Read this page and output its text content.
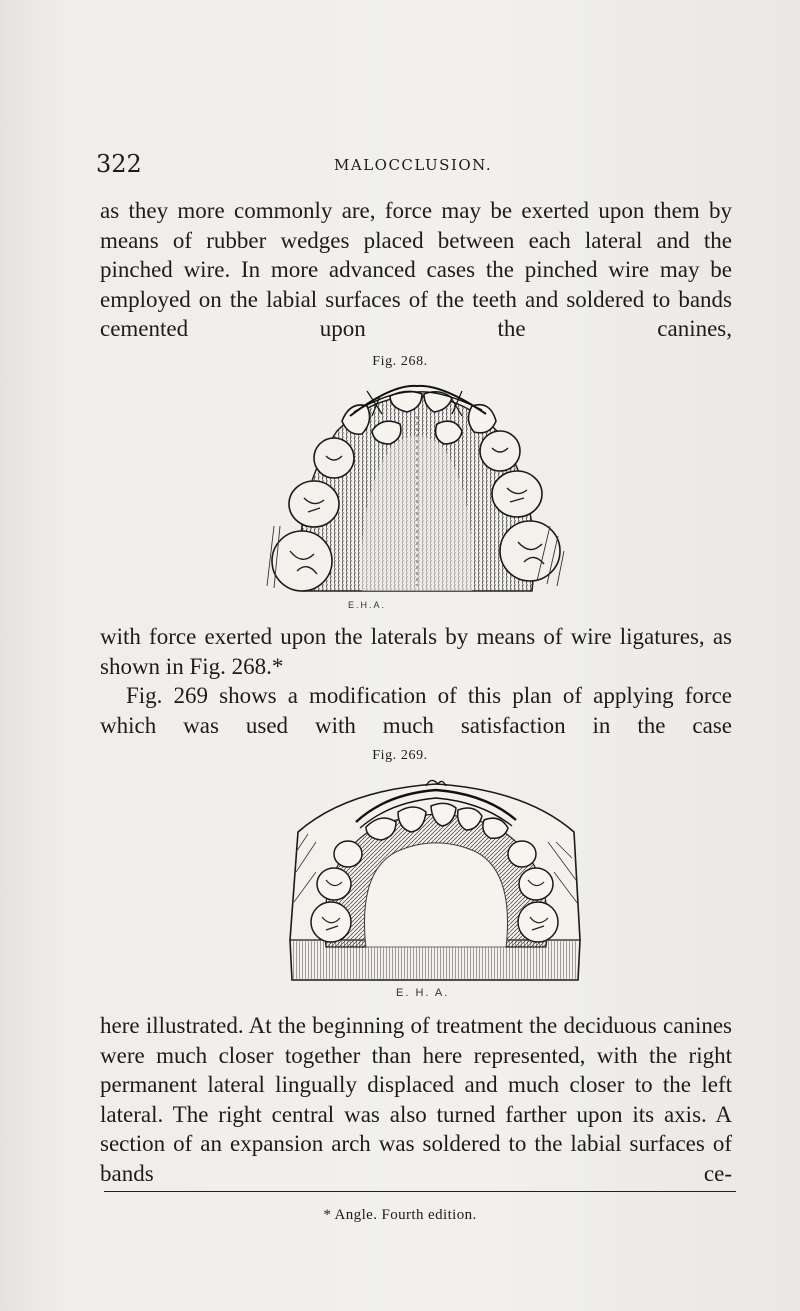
322	MALOCCLUSION.
as they more commonly are, force may be exerted upon them by means of rubber wedges placed between each lateral and the pinched wire. In more advanced cases the pinched wire may be employed on the labial surfaces of the teeth and soldered to bands cemented upon the canines,
Fig. 268.
E.H.A.
with force exerted upon the laterals by means of wire ligatures, as shown in Fig. 268.*
Fig. 269 shows a modification of this plan of applying force which was used with much satisfaction in the case
Fig. 269.
E. H. A.
here illustrated. At the beginning of treatment the deciduous canines were much closer together than here represented, with the right permanent lateral lingually displaced and much closer to the left lateral. The right central was also turned farther upon its axis. A section of an expansion arch was soldered to the labial surfaces of bands ce-
* Angle. Fourth edition.
